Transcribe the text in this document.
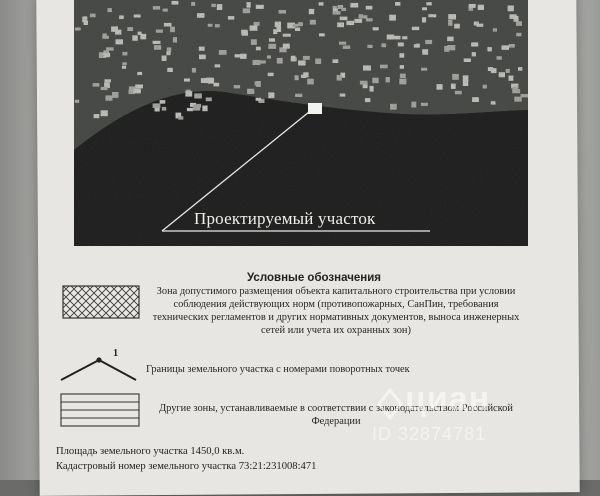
Проектируемый участок
Условные обозначения
Зона допустимого размещения объекта капитального строительства при условии соблюдения действующих норм (противопожарных, СанПин, требования технических регламентов и других нормативных документов, выноса инженерных сетей или учета их охранных зон)
1
Границы земельного участка с номерами поворотных точек
Другие зоны, устанавливаемые в соответствии с законодательством Российской Федерации
Площадь земельного участка 1450,0 кв.м.
Кадастровый номер земельного участка 73:21:231008:471
циан
ID 32874781
